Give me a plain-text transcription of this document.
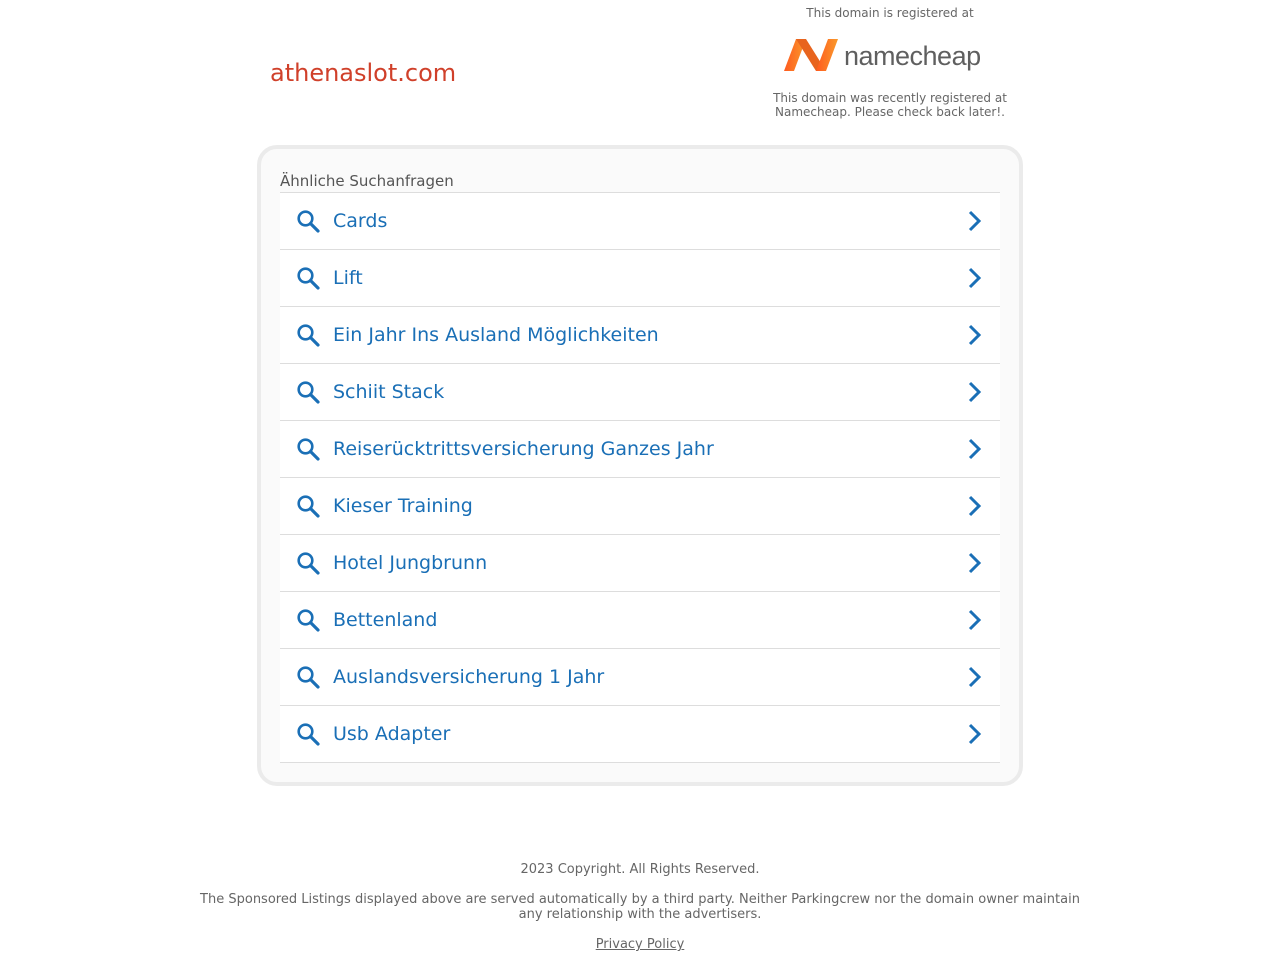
athenaslot.com
This domain is registered at
namecheap
This domain was recently registered at Namecheap. Please check back later!.
Ähnliche Suchanfragen
Cards
Lift
Ein Jahr Ins Ausland Möglichkeiten
Schiit Stack
Reiserücktrittsversicherung Ganzes Jahr
Kieser Training
Hotel Jungbrunn
Bettenland
Auslandsversicherung 1 Jahr
Usb Adapter
2023 Copyright. All Rights Reserved.
The Sponsored Listings displayed above are served automatically by a third party. Neither Parkingcrew nor the domain owner maintain any relationship with the advertisers.
Privacy Policy
